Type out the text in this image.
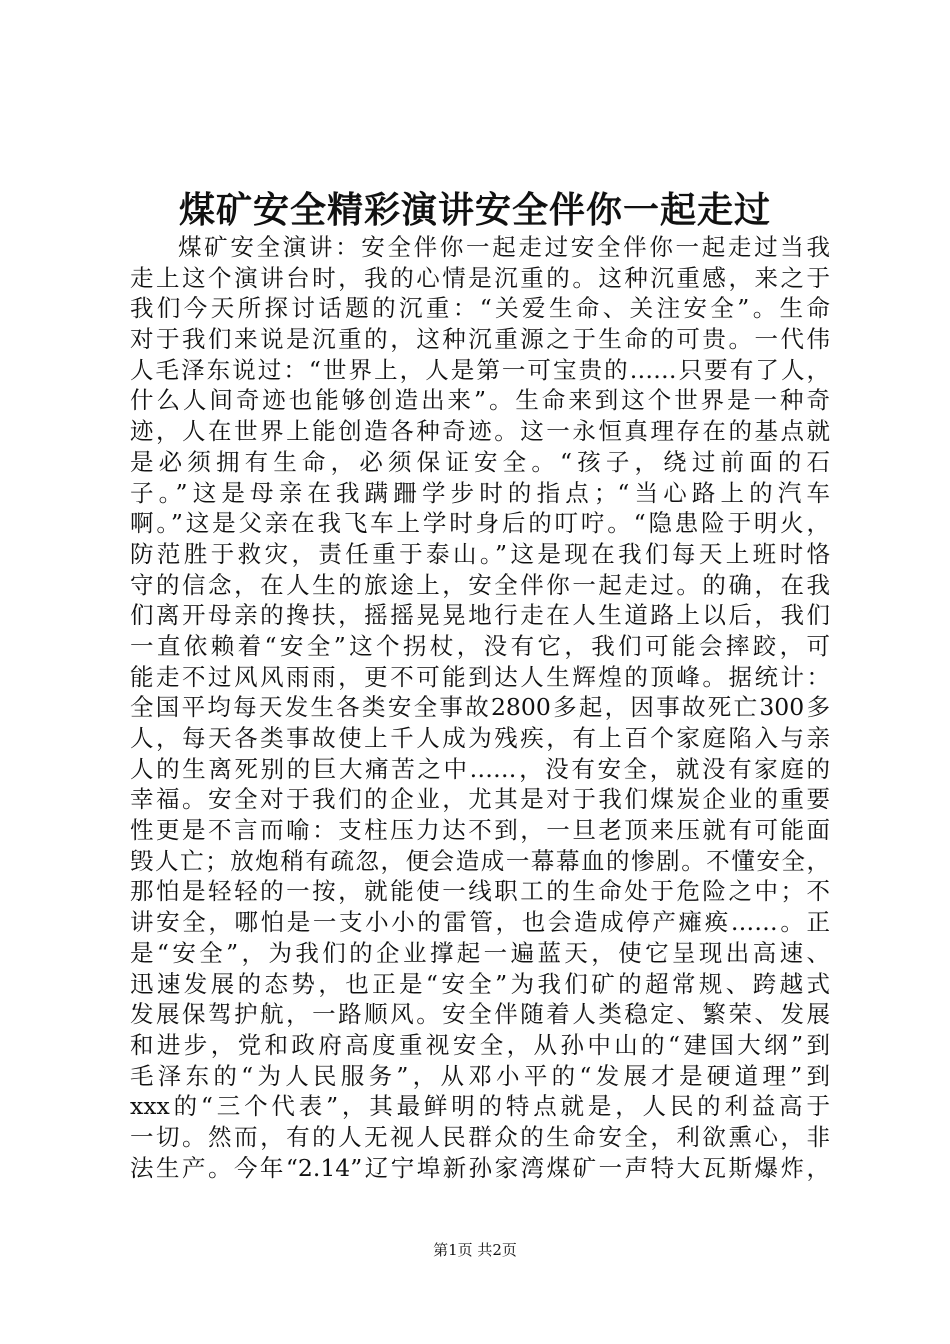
煤矿安全精彩演讲安全伴你一起走过
煤矿安全演讲：安全伴你一起走过安全伴你一起走过当我
走上这个演讲台时，我的心情是沉重的。这种沉重感，来之于
我们今天所探讨话题的沉重：“关爱生命、关注安全”。生命
对于我们来说是沉重的，这种沉重源之于生命的可贵。一代伟
人毛泽东说过：“世界上，人是第一可宝贵的……只要有了人，
什么人间奇迹也能够创造出来”。生命来到这个世界是一种奇
迹，人在世界上能创造各种奇迹。这一永恒真理存在的基点就
是必须拥有生命，必须保证安全。“孩子，绕过前面的石
子。”这是母亲在我蹒跚学步时的指点；“当心路上的汽车
啊。”这是父亲在我飞车上学时身后的叮咛。“隐患险于明火，
防范胜于救灾，责任重于泰山。”这是现在我们每天上班时恪
守的信念，在人生的旅途上，安全伴你一起走过。的确，在我
们离开母亲的搀扶，摇摇晃晃地行走在人生道路上以后，我们
一直依赖着“安全”这个拐杖，没有它，我们可能会摔跤，可
能走不过风风雨雨，更不可能到达人生辉煌的顶峰。据统计：
全国平均每天发生各类安全事故2800多起，因事故死亡300多
人，每天各类事故使上千人成为残疾，有上百个家庭陷入与亲
人的生离死别的巨大痛苦之中……，没有安全，就没有家庭的
幸福。安全对于我们的企业，尤其是对于我们煤炭企业的重要
性更是不言而喻：支柱压力达不到，一旦老顶来压就有可能面
毁人亡；放炮稍有疏忽，便会造成一幕幕血的惨剧。不懂安全，
那怕是轻轻的一按，就能使一线职工的生命处于危险之中；不
讲安全，哪怕是一支小小的雷管，也会造成停产瘫痪……。正
是“安全”，为我们的企业撑起一遍蓝天，使它呈现出高速、
迅速发展的态势，也正是“安全”为我们矿的超常规、跨越式
发展保驾护航，一路顺风。安全伴随着人类稳定、繁荣、发展
和进步，党和政府高度重视安全，从孙中山的“建国大纲”到
毛泽东的“为人民服务”，从邓小平的“发展才是硬道理”到
xxx的“三个代表”，其最鲜明的特点就是，人民的利益高于
一切。然而，有的人无视人民群众的生命安全，利欲熏心，非
法生产。今年“2.14”辽宁埠新孙家湾煤矿一声特大瓦斯爆炸，
第1页 共2页
